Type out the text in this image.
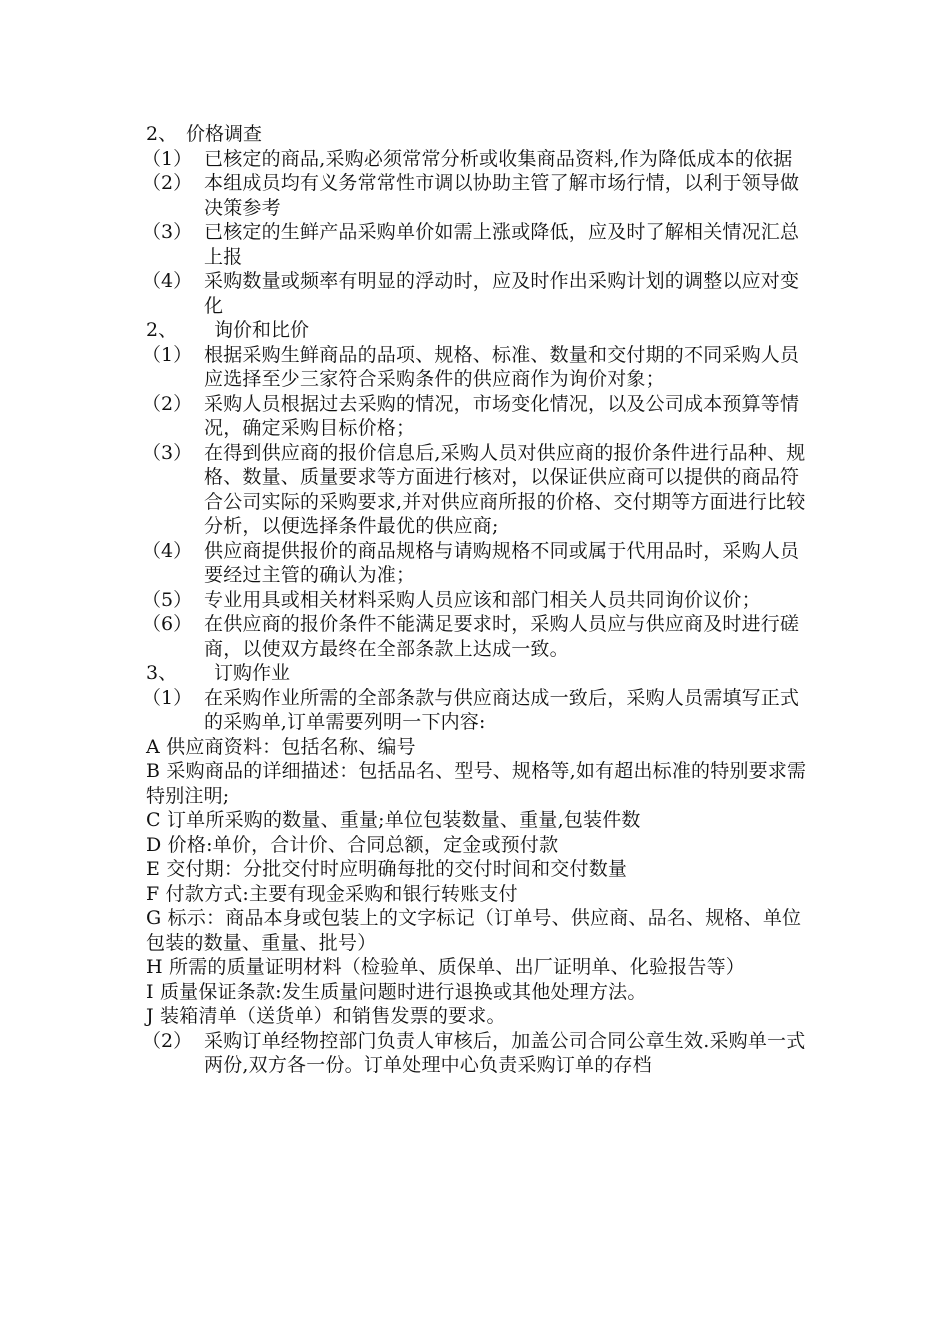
2、 价格调查
（1） 已核定的商品,采购必须常常分析或收集商品资料,作为降低成本的依据
（2） 本组成员均有义务常常性市调以协助主管了解市场行情，以利于领导做决策参考
（3） 已核定的生鲜产品采购单价如需上涨或降低，应及时了解相关情况汇总上报
（4） 采购数量或频率有明显的浮动时，应及时作出采购计划的调整以应对变化
2、	询价和比价
（1） 根据采购生鲜商品的品项、规格、标准、数量和交付期的不同采购人员应选择至少三家符合采购条件的供应商作为询价对象；
（2） 采购人员根据过去采购的情况，市场变化情况，以及公司成本预算等情况，确定采购目标价格；
（3） 在得到供应商的报价信息后,采购人员对供应商的报价条件进行品种、规格、数量、质量要求等方面进行核对，以保证供应商可以提供的商品符合公司实际的采购要求,并对供应商所报的价格、交付期等方面进行比较分析，以便选择条件最优的供应商;
（4） 供应商提供报价的商品规格与请购规格不同或属于代用品时，采购人员要经过主管的确认为准；
（5） 专业用具或相关材料采购人员应该和部门相关人员共同询价议价；
（6） 在供应商的报价条件不能满足要求时，采购人员应与供应商及时进行磋商，以使双方最终在全部条款上达成一致。
3、	订购作业
（1） 在采购作业所需的全部条款与供应商达成一致后，采购人员需填写正式的采购单,订单需要列明一下内容:
A 供应商资料：包括名称、编号
B 采购商品的详细描述：包括品名、型号、规格等,如有超出标准的特别要求需特别注明;
C 订单所采购的数量、重量;单位包装数量、重量,包装件数
D 价格:单价，合计价、合同总额，定金或预付款
E 交付期：分批交付时应明确每批的交付时间和交付数量
F 付款方式:主要有现金采购和银行转账支付
G 标示：商品本身或包装上的文字标记（订单号、供应商、品名、规格、单位包装的数量、重量、批号）
H 所需的质量证明材料（检验单、质保单、出厂证明单、化验报告等）
I 质量保证条款:发生质量问题时进行退换或其他处理方法。
J 装箱清单（送货单）和销售发票的要求。
（2） 采购订单经物控部门负责人审核后，加盖公司合同公章生效.采购单一式两份,双方各一份。订单处理中心负责采购订单的存档
